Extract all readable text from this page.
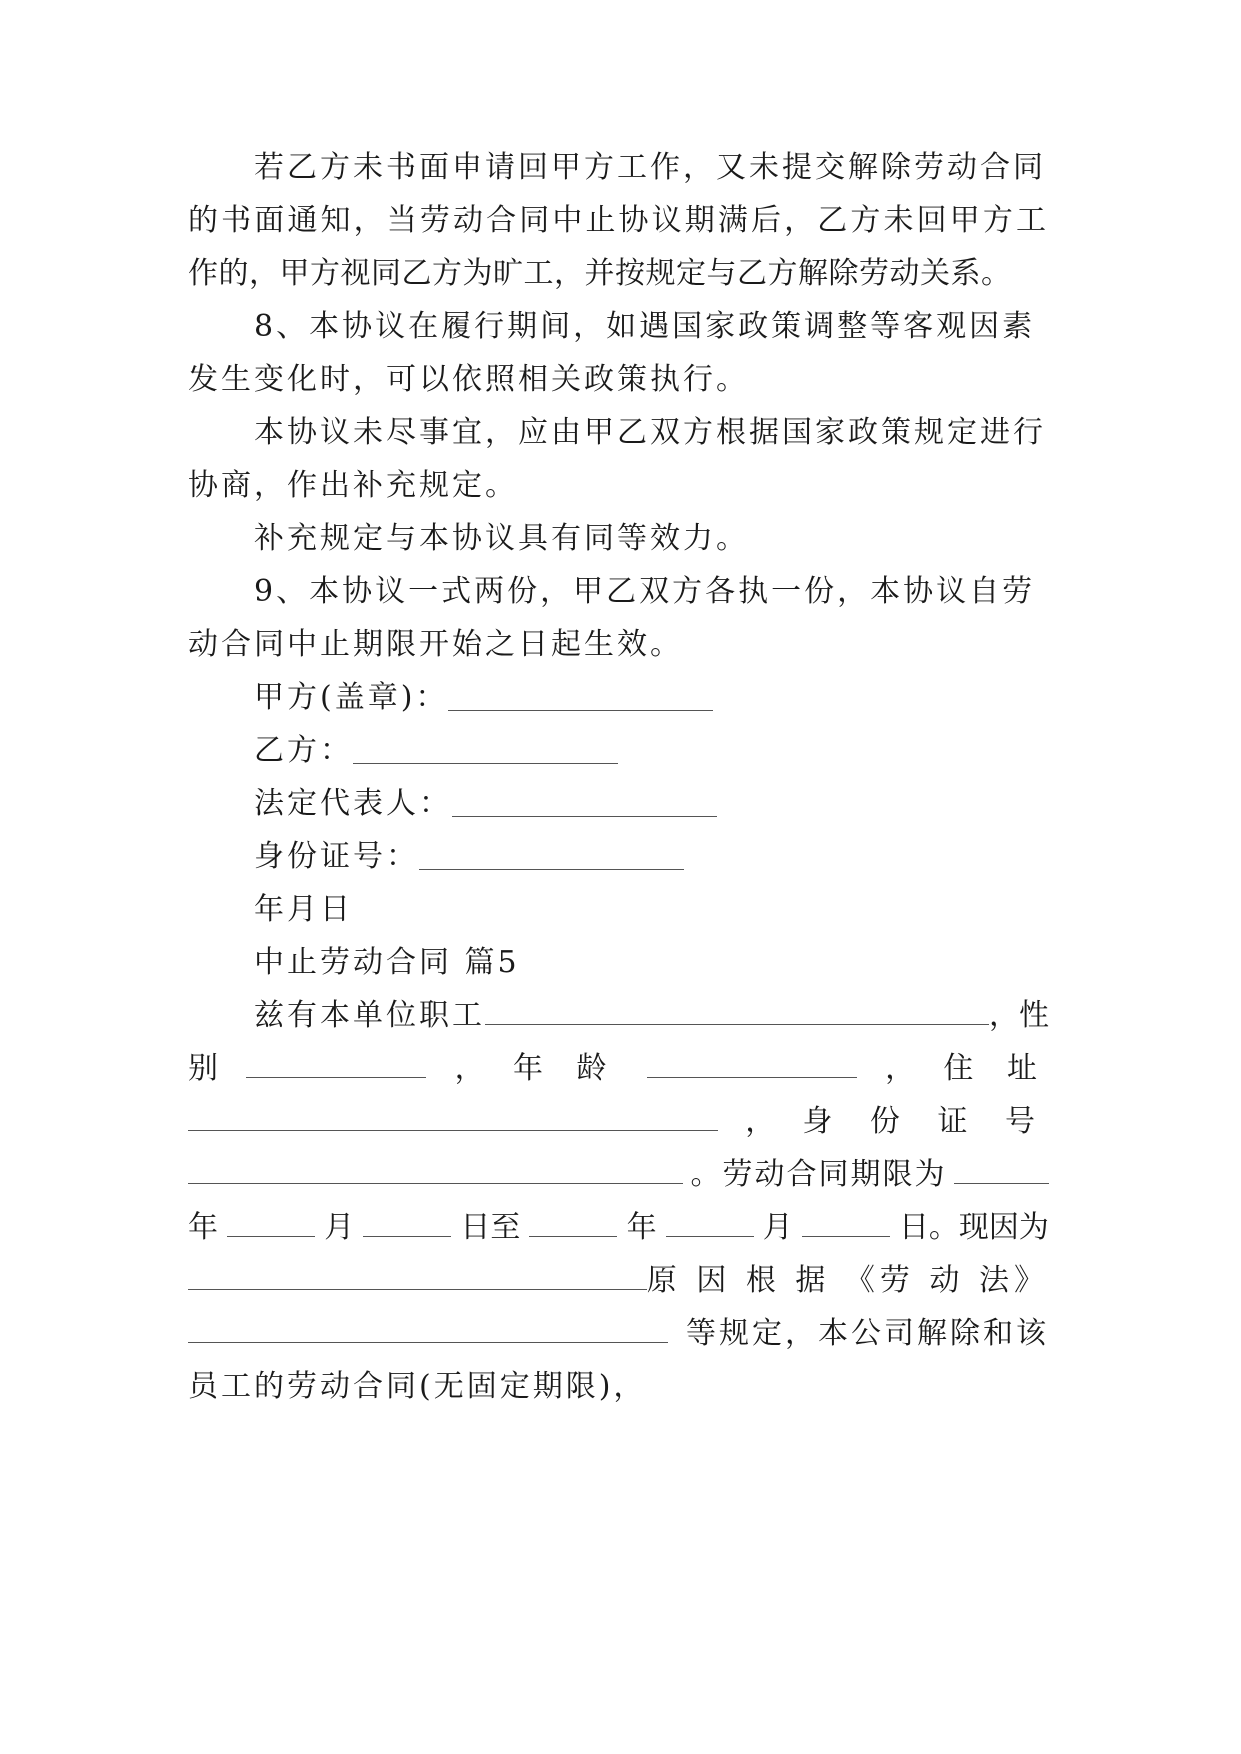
若乙方未书面申请回甲方工作，又未提交解除劳动合同
的书面通知，当劳动合同中止协议期满后，乙方未回甲方工
作的，甲方视同乙方为旷工，并按规定与乙方解除劳动关系。
8、本协议在履行期间，如遇国家政策调整等客观因素
发生变化时，可以依照相关政策执行。
本协议未尽事宜，应由甲乙双方根据国家政策规定进行
协商，作出补充规定。
补充规定与本协议具有同等效力。
9、本协议一式两份，甲乙双方各执一份，本协议自劳
动合同中止期限开始之日起生效。
甲方(盖章)：
乙方：
法定代表人：
身份证号：
年月日
中止劳动合同 篇5
兹有本单位职工	，性
别	， 年 龄	， 住 址
， 身 份 证 号
。劳动合同期限为
年	月	日至	年	月	日。现因为
原 因 根 据 《劳 动 法》
等规定，本公司解除和该
员工的劳动合同(无固定期限)，
